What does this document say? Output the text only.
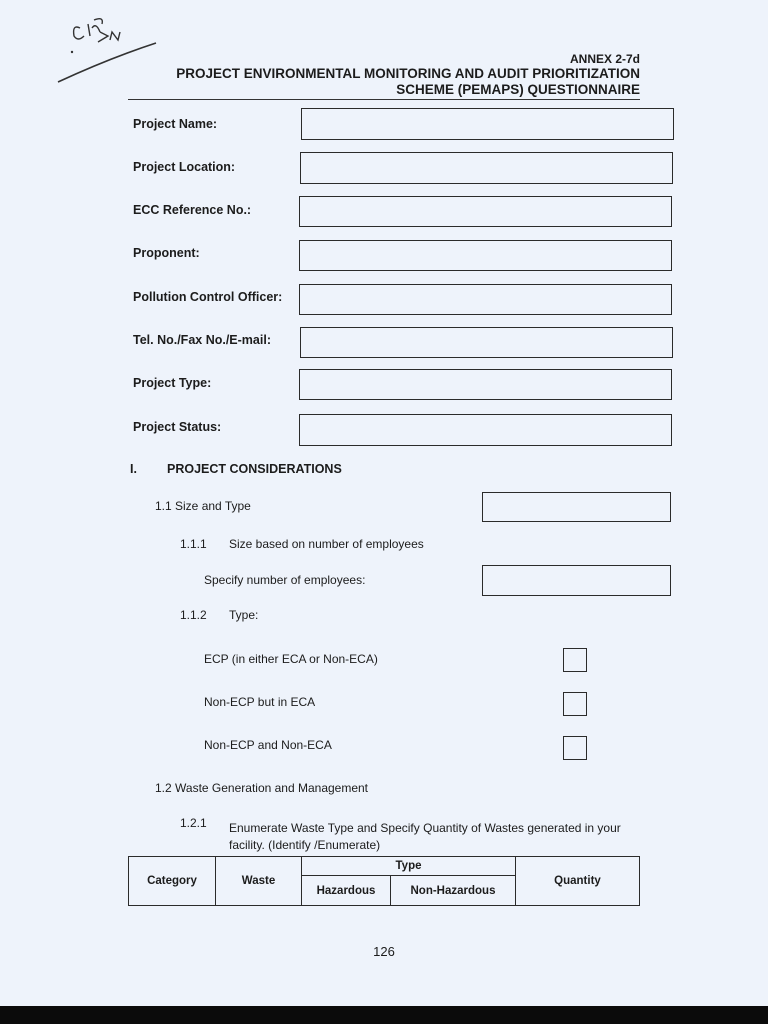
ANNEX 2-7d
PROJECT ENVIRONMENTAL MONITORING AND AUDIT PRIORITIZATION
SCHEME (PEMAPS) QUESTIONNAIRE
Project Name:
Project Location:
ECC Reference No.:
Proponent:
Pollution Control Officer:
Tel. No./Fax No./E-mail:
Project Type:
Project Status:
I. PROJECT CONSIDERATIONS
1.1 Size and Type
1.1.1 Size based on number of employees
Specify number of employees:
1.1.2 Type:
ECP (in either ECA or Non-ECA)
Non-ECP but in ECA
Non-ECP and Non-ECA
1.2 Waste Generation and Management
1.2.1 Enumerate Waste Type and Specify Quantity of Wastes generated in your
facility. (Identify /Enumerate)
Category	Waste	Type		Quantity
		Hazardous	Non-Hazardous	
126
